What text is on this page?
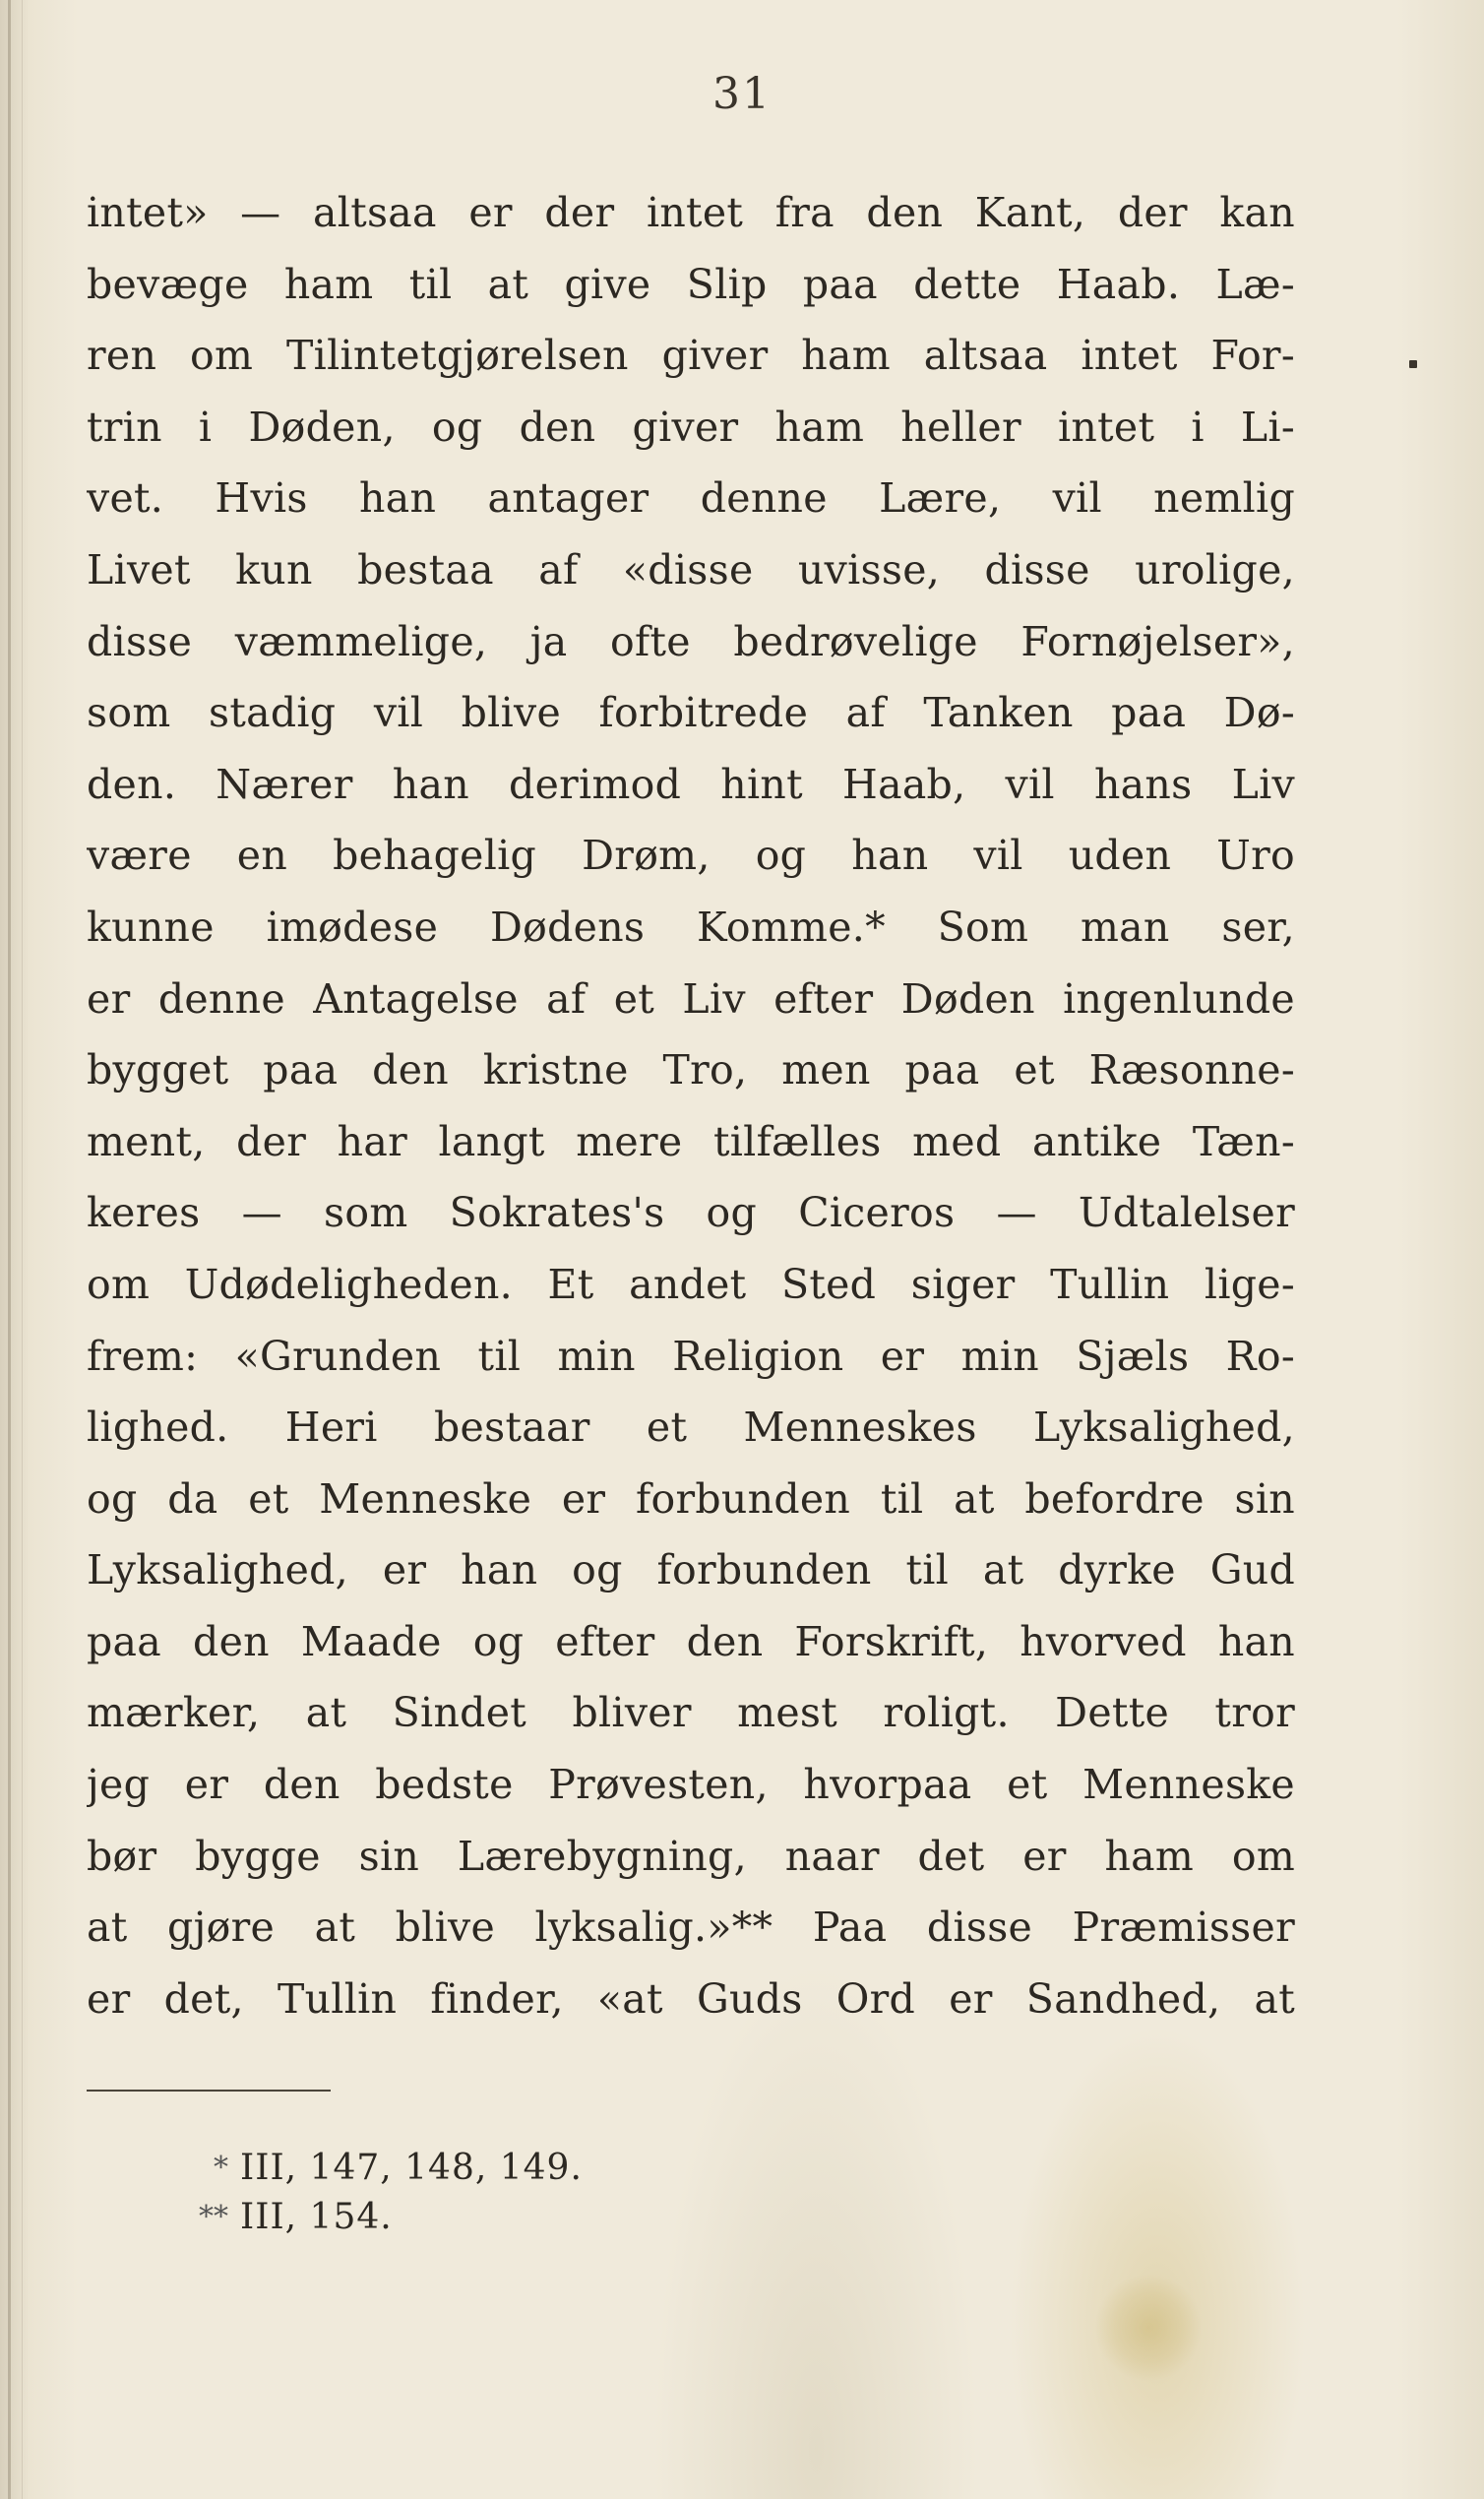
31
intet» — altsaa er der intet fra den Kant, der kan
bevæge ham til at give Slip paa dette Haab. Læ-
ren om Tilintetgjørelsen giver ham altsaa intet For-
trin i Døden, og den giver ham heller intet i Li-
vet. Hvis han antager denne Lære, vil nemlig
Livet kun bestaa af «disse uvisse, disse urolige,
disse væmmelige, ja ofte bedrøvelige Fornøjelser»,
som stadig vil blive forbitrede af Tanken paa Dø-
den. Nærer han derimod hint Haab, vil hans Liv
være en behagelig Drøm, og han vil uden Uro
kunne imødese Dødens Komme.* Som man ser,
er denne Antagelse af et Liv efter Døden ingenlunde
bygget paa den kristne Tro, men paa et Ræsonne-
ment, der har langt mere tilfælles med antike Tæn-
keres — som Sokrates's og Ciceros — Udtalelser
om Udødeligheden. Et andet Sted siger Tullin lige-
frem: «Grunden til min Religion er min Sjæls Ro-
lighed. Heri bestaar et Menneskes Lyksalighed,
og da et Menneske er forbunden til at befordre sin
Lyksalighed, er han og forbunden til at dyrke Gud
paa den Maade og efter den Forskrift, hvorved han
mærker, at Sindet bliver mest roligt. Dette tror
jeg er den bedste Prøvesten, hvorpaa et Menneske
bør bygge sin Lærebygning, naar det er ham om
at gjøre at blive lyksalig.»** Paa disse Præmisser
er det, Tullin finder, «at Guds Ord er Sandhed, at
* III, 147, 148, 149.
** III, 154.
